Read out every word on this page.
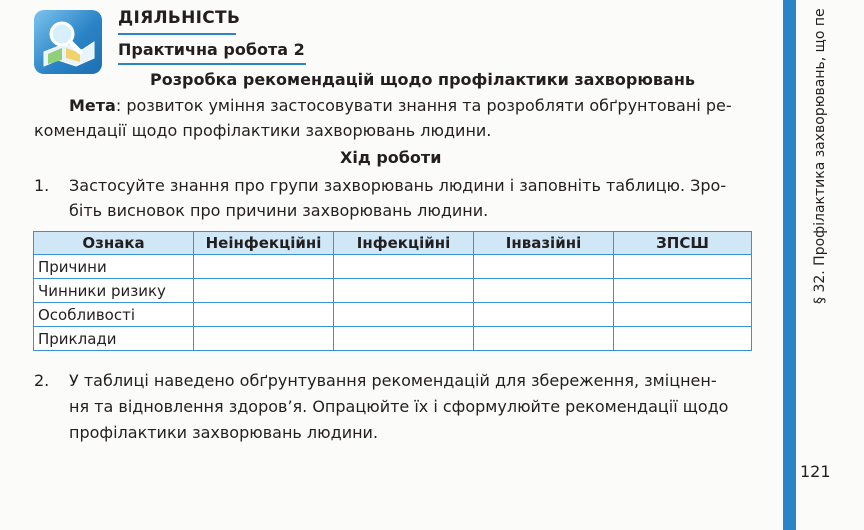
ДІЯЛЬНІСТЬ
Практична робота 2
Розробка рекомендацій щодо профілактики захворювань
Мета: розвиток уміння застосовувати знання та розробляти обґрунтовані ре-
комендації щодо профілактики захворювань людини.
Хід роботи
1. Застосуйте знання про групи захворювань людини і заповніть таблицю. Зро-
біть висновок про причини захворювань людини.
Ознака	Неінфекційні	Інфекційні	Інвазійні	ЗПСШ
Причини				
Чинники ризику				
Особливості				
Приклади				
2. У таблиці наведено обґрунтування рекомендацій для збереження, зміцнен-
ня та відновлення здоров’я. Опрацюйте їх і сформулюйте рекомендації щодо
профілактики захворювань людини.
§ 32. Профілактика захворювань, що пе
121
